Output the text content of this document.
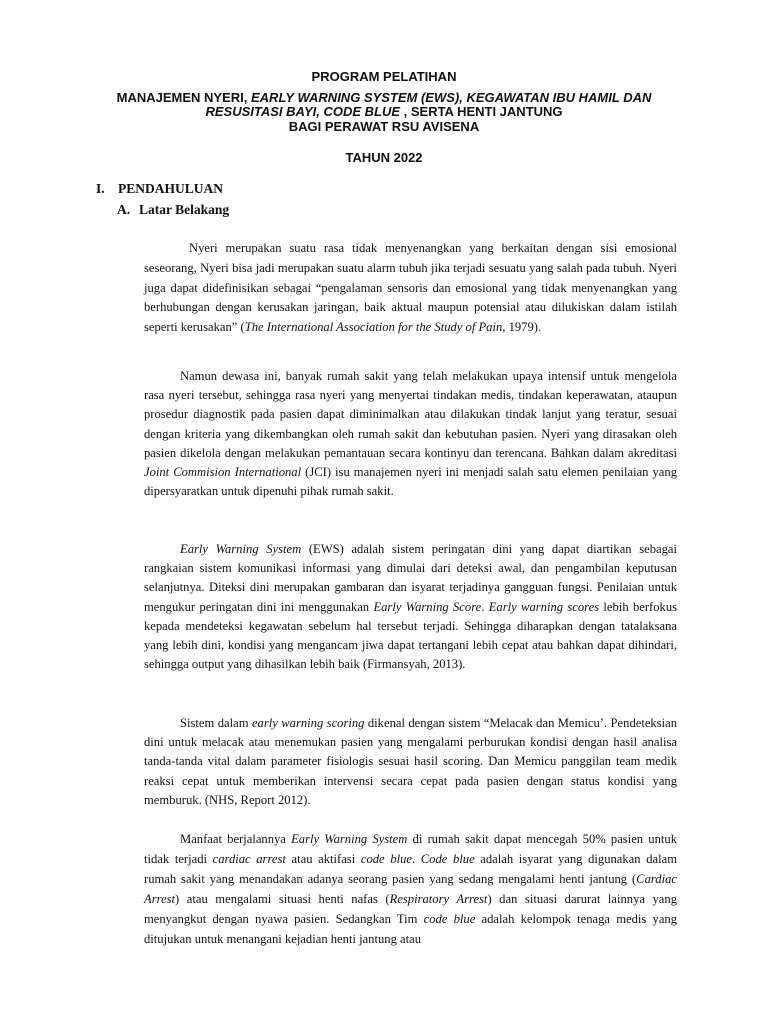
PROGRAM PELATIHAN
MANAJEMEN NYERI, EARLY WARNING SYSTEM (EWS), KEGAWATAN IBU HAMIL DAN
RESUSITASI BAYI, CODE BLUE , SERTA HENTI JANTUNG
BAGI PERAWAT RSU AVISENA
TAHUN 2022
I. PENDAHULUAN
A. Latar Belakang

Nyeri merupakan suatu rasa tidak menyenangkan yang berkaitan dengan sisi emosional seseorang, Nyeri bisa jadi merupakan suatu alarm tubuh jika terjadi sesuatu yang salah pada tubuh. Nyeri juga dapat didefinisikan sebagai “pengalaman sensoris dan emosional yang tidak menyenangkan yang berhubungan dengan kerusakan jaringan, baik aktual maupun potensial atau dilukiskan dalam istilah seperti kerusakan” (The International Association for the Study of Pain, 1979).

Namun dewasa ini, banyak rumah sakit yang telah melakukan upaya intensif untuk mengelola rasa nyeri tersebut, sehingga rasa nyeri yang menyertai tindakan medis, tindakan keperawatan, ataupun prosedur diagnostik pada pasien dapat diminimalkan atau dilakukan tindak lanjut yang teratur, sesuai dengan kriteria yang dikembangkan oleh rumah sakit dan kebutuhan pasien. Nyeri yang dirasakan oleh pasien dikelola dengan melakukan pemantauan secara kontinyu dan terencana. Bahkan dalam akreditasi Joint Commision International (JCI) isu manajemen nyeri ini menjadi salah satu elemen penilaian yang dipersyaratkan untuk dipenuhi pihak rumah sakit.

Early Warning System (EWS) adalah sistem peringatan dini yang dapat diartikan sebagai rangkaian sistem komunikasi informasi yang dimulai dari deteksi awal, dan pengambilan keputusan selanjutnya. Diteksi dini merupakan gambaran dan isyarat terjadinya gangguan fungsi. Penilaian untuk mengukur peringatan dini ini menggunakan Early Warning Score. Early warning scores lebih berfokus kepada mendeteksi kegawatan sebelum hal tersebut terjadi. Sehingga diharapkan dengan tatalaksana yang lebih dini, kondisi yang mengancam jiwa dapat tertangani lebih cepat atau bahkan dapat dihindari, sehingga output yang dihasilkan lebih baik (Firmansyah, 2013).

Sistem dalam early warning scoring dikenal dengan sistem “Melacak dan Memicu’. Pendeteksian dini untuk melacak atau menemukan pasien yang mengalami perburukan kondisi dengan hasil analisa tanda-tanda vital dalam parameter fisiologis sesuai hasil scoring. Dan Memicu panggilan team medik reaksi cepat untuk memberikan intervensi secara cepat pada pasien dengan status kondisi yang memburuk. (NHS, Report 2012).

Manfaat berjalannya Early Warning System di rumah sakit dapat mencegah 50% pasien untuk tidak terjadi cardiac arrest atau aktifasi code blue. Code blue adalah isyarat yang digunakan dalam rumah sakit yang menandakan adanya seorang pasien yang sedang mengalami henti jantung (Cardiac Arrest) atau mengalami situasi henti nafas (Respiratory Arrest) dan situasi darurat lainnya yang menyangkut dengan nyawa pasien. Sedangkan Tim code blue adalah kelompok tenaga medis yang ditujukan untuk menangani kejadian henti jantung atau
